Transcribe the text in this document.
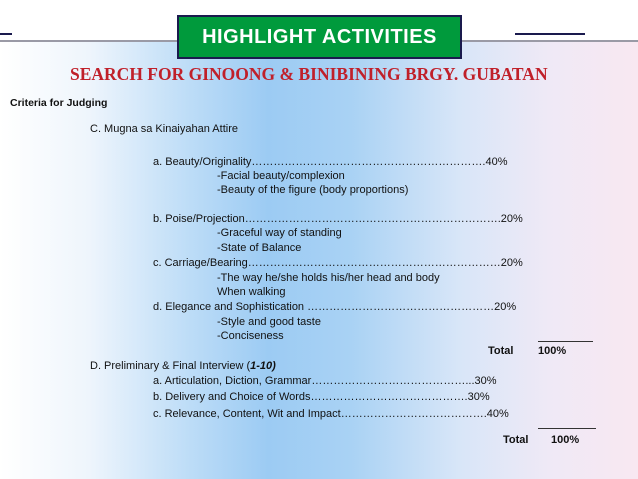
HIGHLIGHT ACTIVITIES
SEARCH FOR GINOONG & BINIBINING BRGY. GUBATAN
Criteria for Judging
C. Mugna sa Kinaiyahan Attire
a. Beauty/Originality……………………………………………………….40%
-Facial beauty/complexion
-Beauty of the figure (body proportions)
b. Poise/Projection…………………………………………………………….20%
-Graceful way of standing
-State of Balance
c. Carriage/Bearing……………………………………………………………20%
-The way he/she holds his/her head and body
When walking
d. Elegance and Sophistication ……………………………………………20%
-Style and good taste
-Conciseness
Total 100%
D. Preliminary & Final Interview (1-10)
a. Articulation, Diction, Grammar……………………………………...30%
b. Delivery and Choice of Words…………………………………….30%
c. Relevance, Content, Wit and Impact………………………………….40%
Total 100%
